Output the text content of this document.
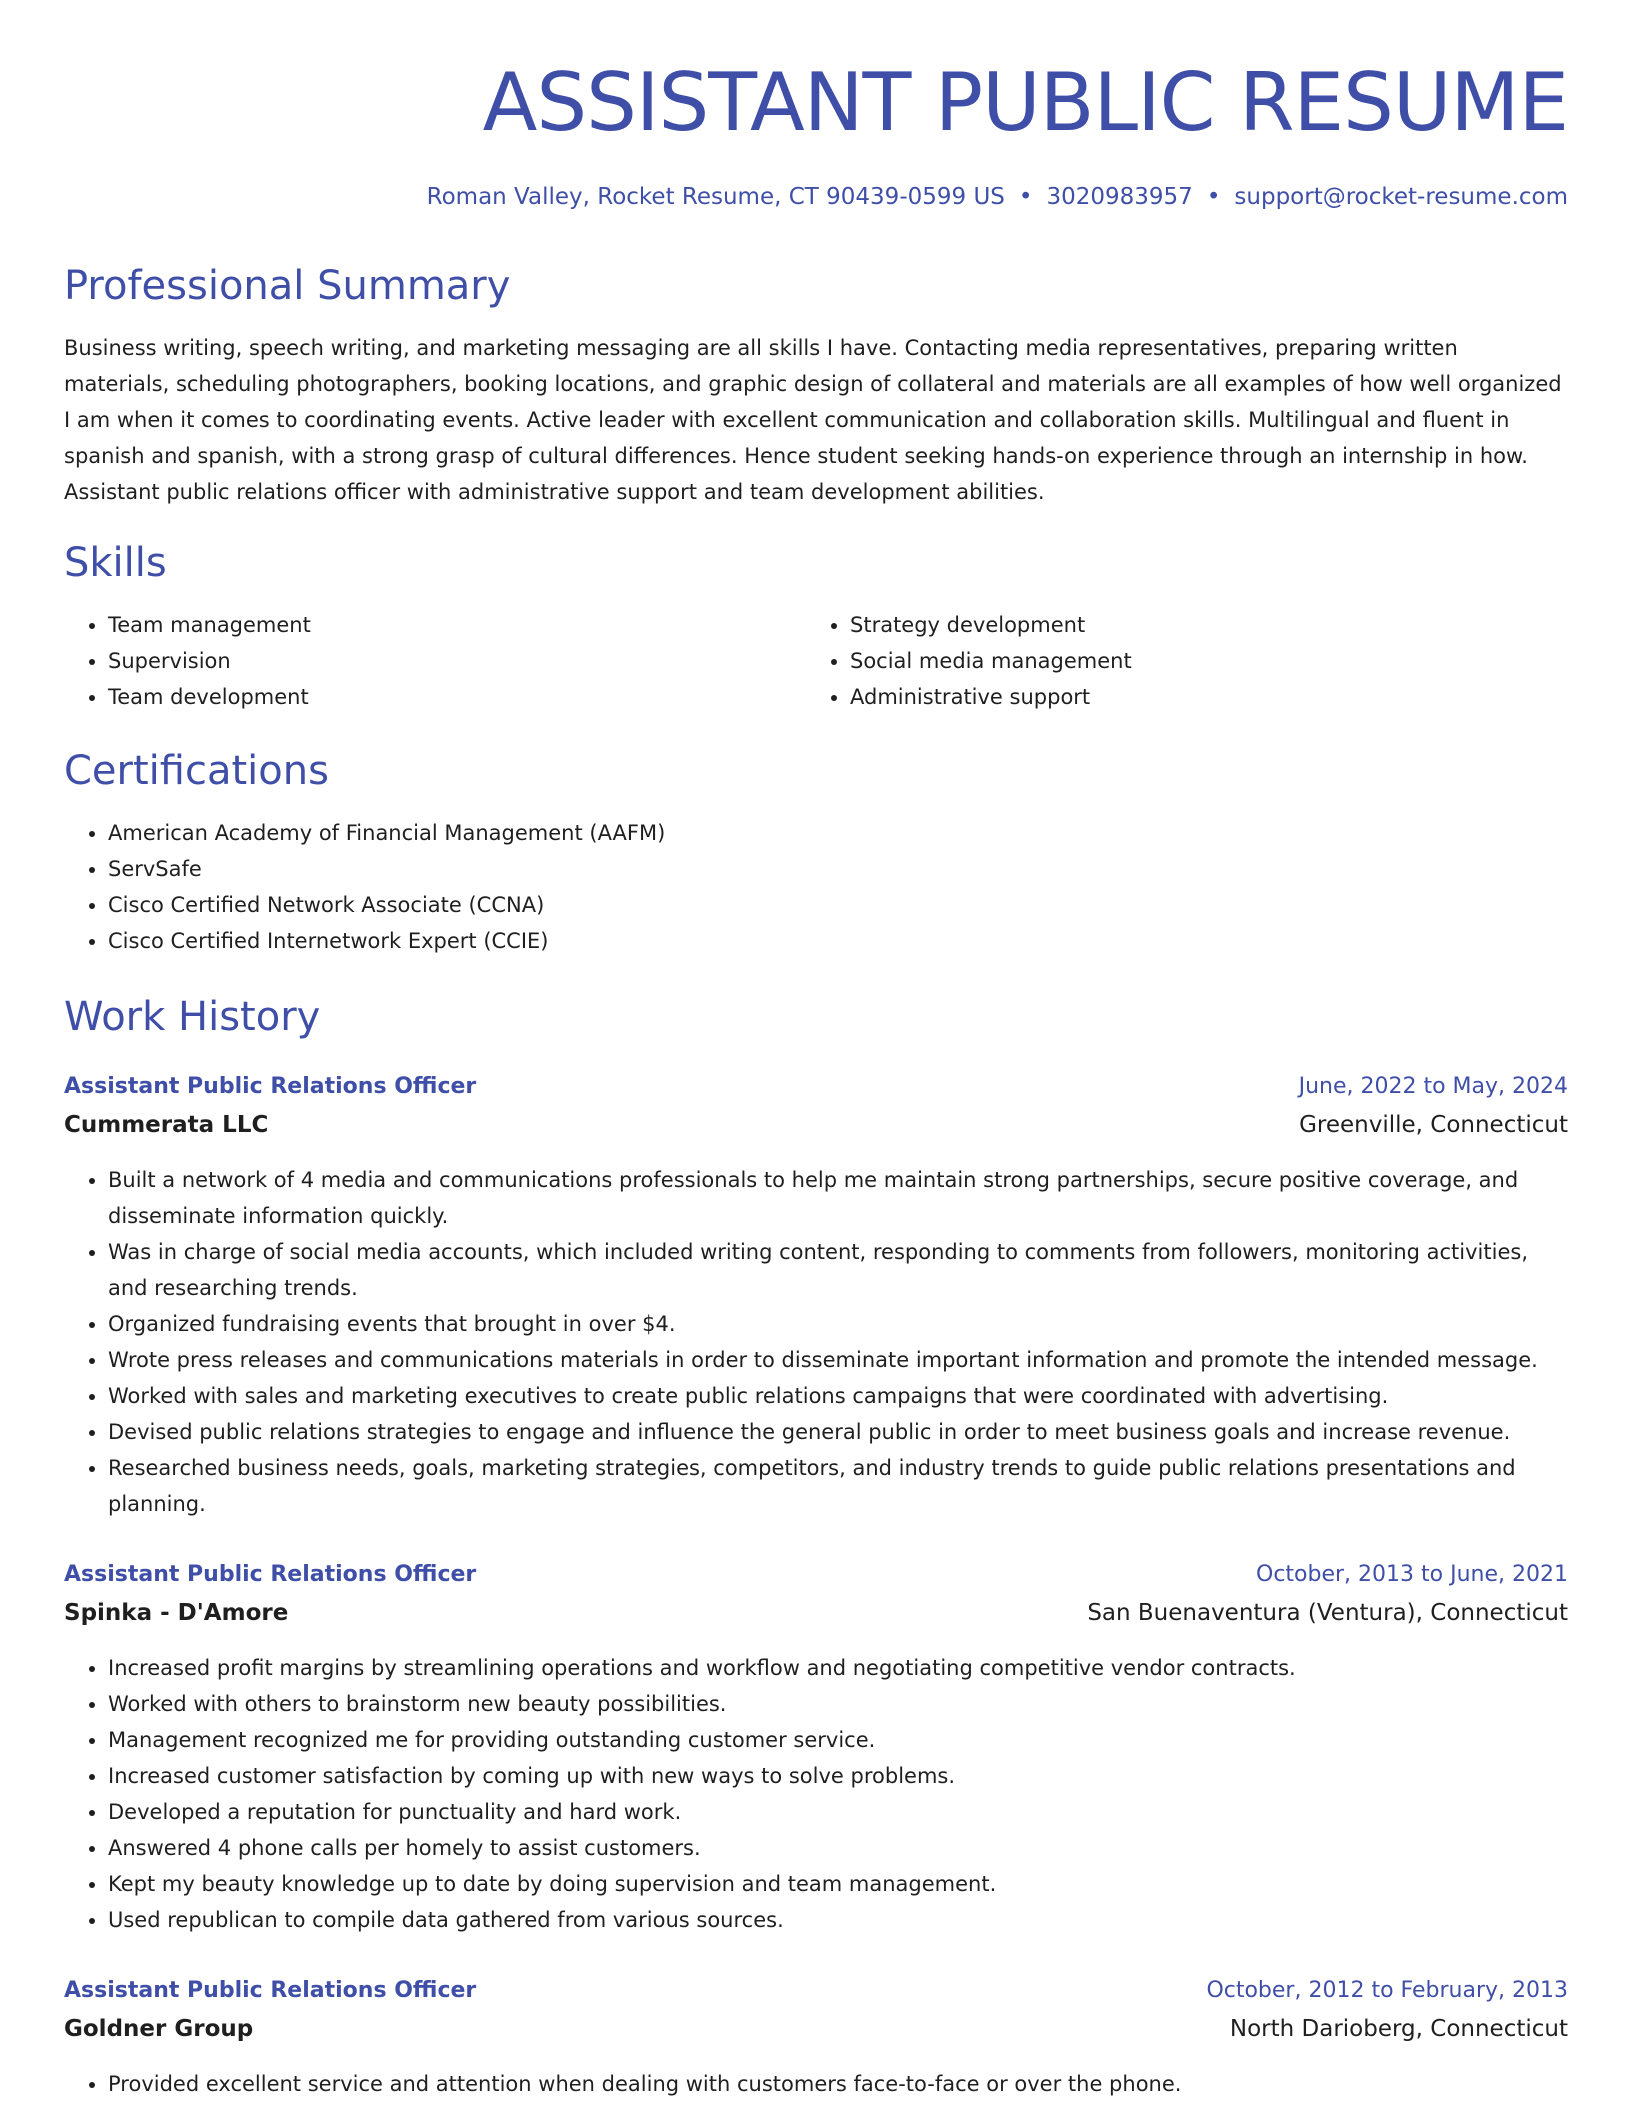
ASSISTANT PUBLIC RESUME
Roman Valley, Rocket Resume, CT 90439-0599 US • 3020983957 • support@rocket-resume.com
Professional Summary

Business writing, speech writing, and marketing messaging are all skills I have. Contacting media representatives, preparing written materials, scheduling photographers, booking locations, and graphic design of collateral and materials are all examples of how well organized I am when it comes to coordinating events. Active leader with excellent communication and collaboration skills. Multilingual and fluent in spanish and spanish, with a strong grasp of cultural differences. Hence student seeking hands-on experience through an internship in how. Assistant public relations officer with administrative support and team development abilities.

Skills
• Team management
• Supervision
• Team development
• Strategy development
• Social media management
• Administrative support
Certifications
• American Academy of Financial Management (AAFM)
• ServSafe
• Cisco Certified Network Associate (CCNA)
• Cisco Certified Internetwork Expert (CCIE)
Work History
Assistant Public Relations Officer	June, 2022 to May, 2024
Cummerata LLC	Greenville, Connecticut
• Built a network of 4 media and communications professionals to help me maintain strong partnerships, secure positive coverage, and disseminate information quickly.
• Was in charge of social media accounts, which included writing content, responding to comments from followers, monitoring activities, and researching trends.
• Organized fundraising events that brought in over $4.
• Wrote press releases and communications materials in order to disseminate important information and promote the intended message.
• Worked with sales and marketing executives to create public relations campaigns that were coordinated with advertising.
• Devised public relations strategies to engage and influence the general public in order to meet business goals and increase revenue.
• Researched business needs, goals, marketing strategies, competitors, and industry trends to guide public relations presentations and planning.
Assistant Public Relations Officer	October, 2013 to June, 2021
Spinka - D'Amore	San Buenaventura (Ventura), Connecticut
• Increased profit margins by streamlining operations and workflow and negotiating competitive vendor contracts.
• Worked with others to brainstorm new beauty possibilities.
• Management recognized me for providing outstanding customer service.
• Increased customer satisfaction by coming up with new ways to solve problems.
• Developed a reputation for punctuality and hard work.
• Answered 4 phone calls per homely to assist customers.
• Kept my beauty knowledge up to date by doing supervision and team management.
• Used republican to compile data gathered from various sources.
Assistant Public Relations Officer	October, 2012 to February, 2013
Goldner Group	North Darioberg, Connecticut
• Provided excellent service and attention when dealing with customers face-to-face or over the phone.
